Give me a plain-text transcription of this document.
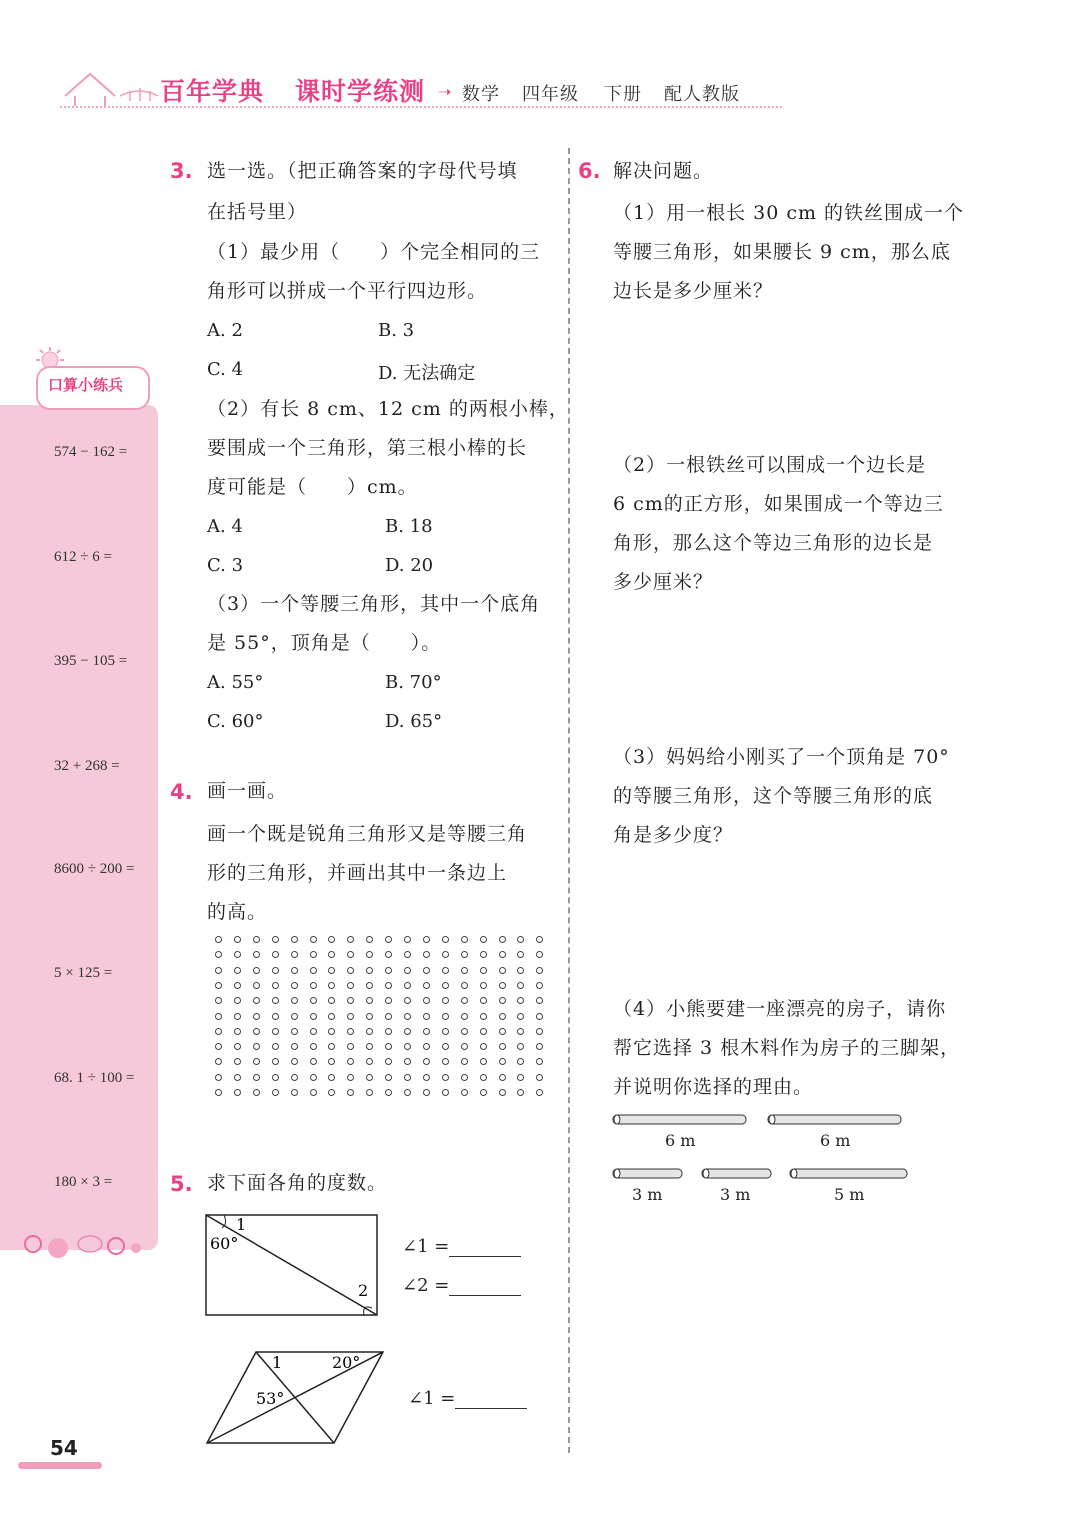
百年学典 课时学练测 ➝ 数学 四年级 下册 配人教版
口算小练兵
574 − 162 =
612 ÷ 6 =
395 − 105 =
32 + 268 =
8600 ÷ 200 =
5 × 125 =
68. 1 ÷ 100 =
180 × 3 =
3. 选一选。（把正确答案的字母代号填
在括号里）
（1）最少用（　　）个完全相同的三
角形可以拼成一个平行四边形。
A. 2	B. 3
C. 4	D. 无法确定
（2）有长 8 cm、12 cm 的两根小棒，
要围成一个三角形，第三根小棒的长
度可能是（　　）cm。
A. 4	B. 18
C. 3	D. 20
（3）一个等腰三角形，其中一个底角
是 55°，顶角是（　　）。
A. 55°	B. 70°
C. 60°	D. 65°
4. 画一画。
画一个既是锐角三角形又是等腰三角
形的三角形，并画出其中一条边上
的高。
5. 求下面各角的度数。
1
60°
2
∠1 =
∠2 =
1	20°
53°	∠1 =
6. 解决问题。
（1）用一根长 30 cm 的铁丝围成一个
等腰三角形，如果腰长 9 cm，那么底
边长是多少厘米？
（2）一根铁丝可以围成一个边长是
6 cm的正方形，如果围成一个等边三
角形，那么这个等边三角形的边长是
多少厘米？
（3）妈妈给小刚买了一个顶角是 70°
的等腰三角形，这个等腰三角形的底
角是多少度？
（4）小熊要建一座漂亮的房子，请你
帮它选择 3 根木料作为房子的三脚架，
并说明你选择的理由。
6 m	6 m
3 m	3 m	5 m
54
